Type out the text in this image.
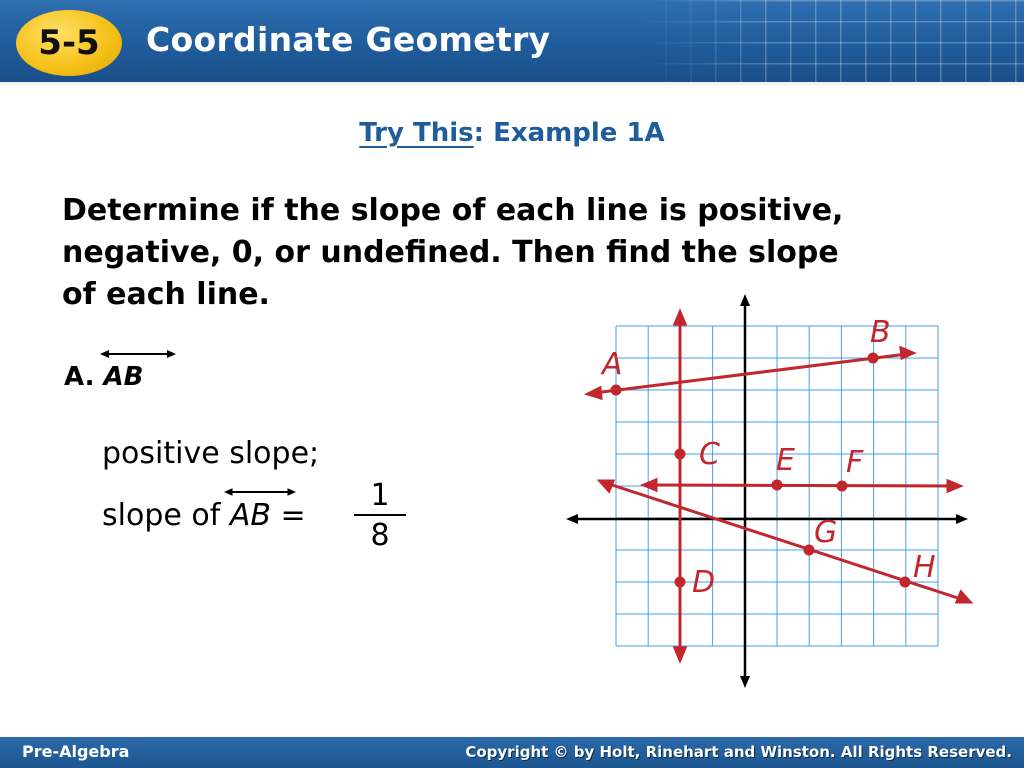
5-5	Coordinate Geometry
Try This: Example 1A
Determine if the slope of each line is positive,
negative, 0, or undefined. Then find the slope
of each line.
A. AB
positive slope;
slope of AB =
1
8
A
B
C
D
E F
G
H
Pre-Algebra	Copyright © by Holt, Rinehart and Winston. All Rights Reserved.
